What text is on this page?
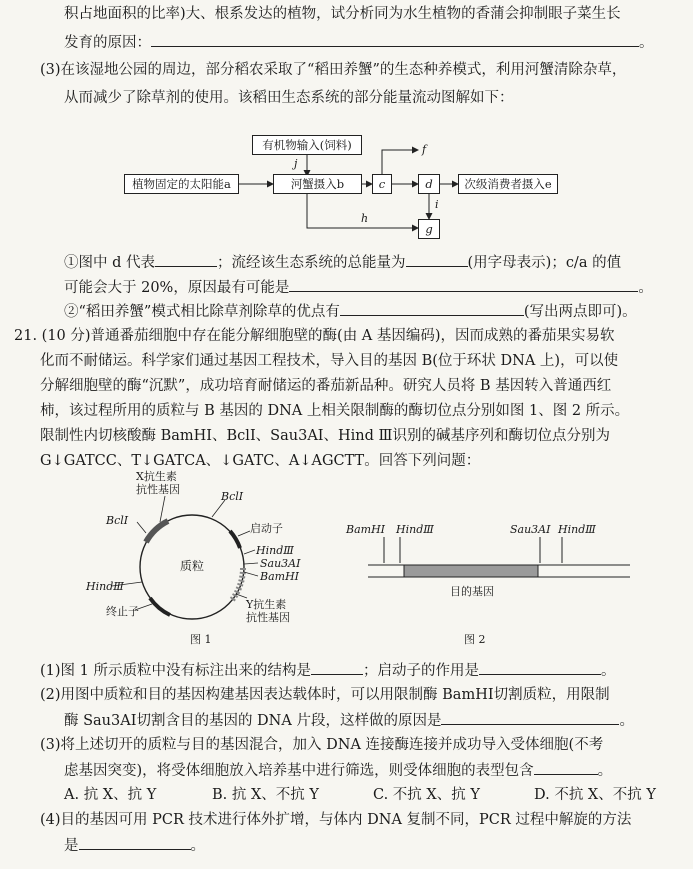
积占地面积的比率)大、根系发达的植物，试分析同为水生植物的香蒲会抑制眼子菜生长
发育的原因：	。
(3)在该湿地公园的周边，部分稻农采取了“稻田养蟹”的生态种养模式，利用河蟹清除杂草，
从而减少了除草剂的使用。该稻田生态系统的部分能量流动图解如下：
有机物输入(饲料)
植物固定的太阳能a	河蟹摄入b	c	d	次级消费者摄入e
g
j
f
i
h
①图中 d 代表	；流经该生态系统的总能量为	(用字母表示)；c/a 的值
可能会大于 20%，原因最有可能是	。
②“稻田养蟹”模式相比除草剂除草的优点有	(写出两点即可)。
21. (10 分)普通番茄细胞中存在能分解细胞壁的酶(由 A 基因编码)，因而成熟的番茄果实易软
化而不耐储运。科学家们通过基因工程技术，导入目的基因 B(位于环状 DNA 上)，可以使
分解细胞壁的酶“沉默”，成功培育耐储运的番茄新品种。研究人员将 B 基因转入普通西红
柿，该过程所用的质粒与 B 基因的 DNA 上相关限制酶的酶切位点分别如图 1、图 2 所示。
限制性内切核酸酶 BamHⅠ、BclⅠ、Sau3AⅠ、Hind Ⅲ识别的碱基序列和酶切位点分别为
G↓GATCC、T↓GATCA、↓GATC、A↓AGCTT。回答下列问题：
X抗生素
抗性基因
BclⅠ
BclⅠ
启动子
HindⅢ
Sau3AⅠ
BamHⅠ
质粒
HindⅢ
终止子
Y抗生素
抗性基因
图 1
BamHⅠ HindⅢ	Sau3AⅠ HindⅢ
目的基因
图 2
(1)图 1 所示质粒中没有标注出来的结构是	；启动子的作用是	。
(2)用图中质粒和目的基因构建基因表达载体时，可以用限制酶 BamHⅠ切割质粒，用限制
酶 Sau3AⅠ切割含目的基因的 DNA 片段，这样做的原因是	。
(3)将上述切开的质粒与目的基因混合，加入 DNA 连接酶连接并成功导入受体细胞(不考
虑基因突变)，将受体细胞放入培养基中进行筛选，则受体细胞的表型包含	。
A. 抗 X、抗 Y	B. 抗 X、不抗 Y	C. 不抗 X、抗 Y	D. 不抗 X、不抗 Y
(4)目的基因可用 PCR 技术进行体外扩增，与体内 DNA 复制不同，PCR 过程中解旋的方法
是	。
